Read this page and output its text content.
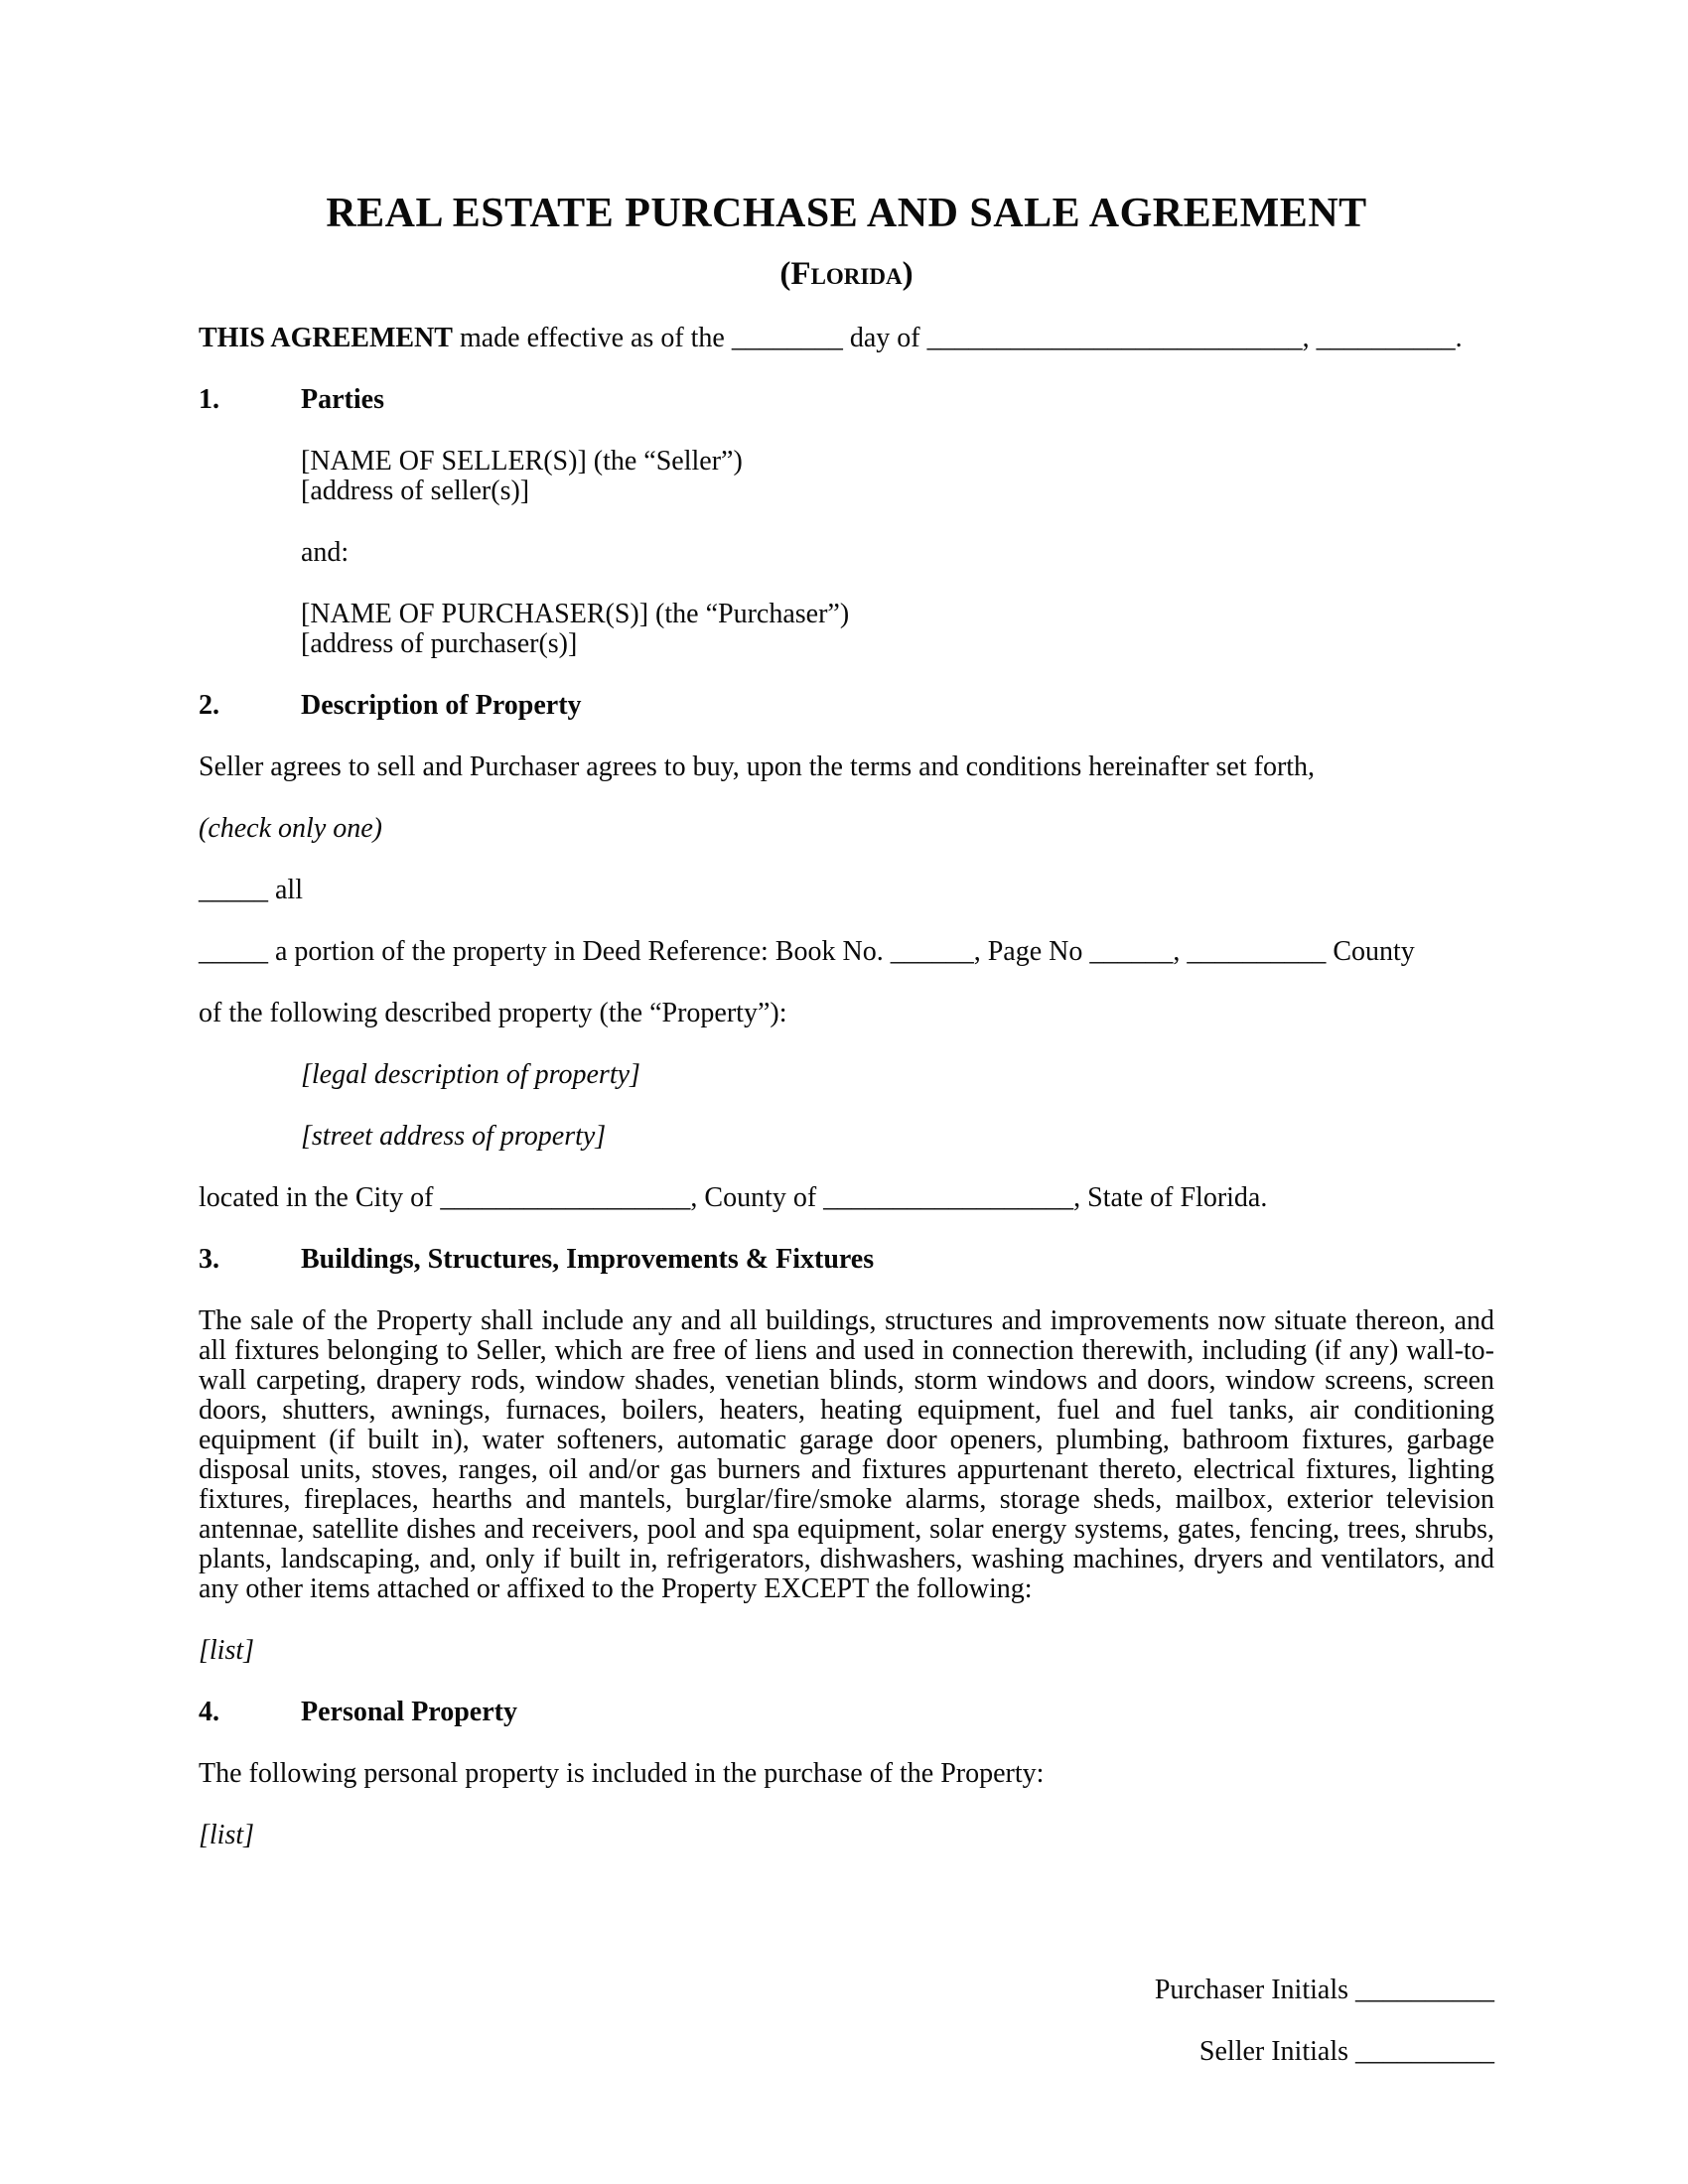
REAL ESTATE PURCHASE AND SALE AGREEMENT
(Florida)

THIS AGREEMENT made effective as of the ________ day of ___________________________, __________.

1.	Parties
[NAME OF SELLER(S)] (the “Seller”)
[address of seller(s)]
and:
[NAME OF PURCHASER(S)] (the “Purchaser”)
[address of purchaser(s)]
2.	Description of Property

Seller agrees to sell and Purchaser agrees to buy, upon the terms and conditions hereinafter set forth,

(check only one)

_____ all

_____ a portion of the property in Deed Reference: Book No. ______, Page No ______, __________ County

of the following described property (the “Property”):

[legal description of property]

[street address of property]

located in the City of __________________, County of __________________, State of Florida.

3.	Buildings, Structures, Improvements & Fixtures

The sale of the Property shall include any and all buildings, structures and improvements now situate thereon, and all fixtures belonging to Seller, which are free of liens and used in connection therewith, including (if any) wall-to-wall carpeting, drapery rods, window shades, venetian blinds, storm windows and doors, window screens, screen doors, shutters, awnings, furnaces, boilers, heaters, heating equipment, fuel and fuel tanks, air conditioning equipment (if built in), water softeners, automatic garage door openers, plumbing, bathroom fixtures, garbage disposal units, stoves, ranges, oil and/or gas burners and fixtures appurtenant thereto, electrical fixtures, lighting fixtures, fireplaces, hearths and mantels, burglar/fire/smoke alarms, storage sheds, mailbox, exterior television antennae, satellite dishes and receivers, pool and spa equipment, solar energy systems, gates, fencing, trees, shrubs, plants, landscaping, and, only if built in, refrigerators, dishwashers, washing machines, dryers and ventilators, and any other items attached or affixed to the Property EXCEPT the following:

[list]

4.	Personal Property

The following personal property is included in the purchase of the Property:

[list]

Purchaser Initials __________
Seller Initials __________
